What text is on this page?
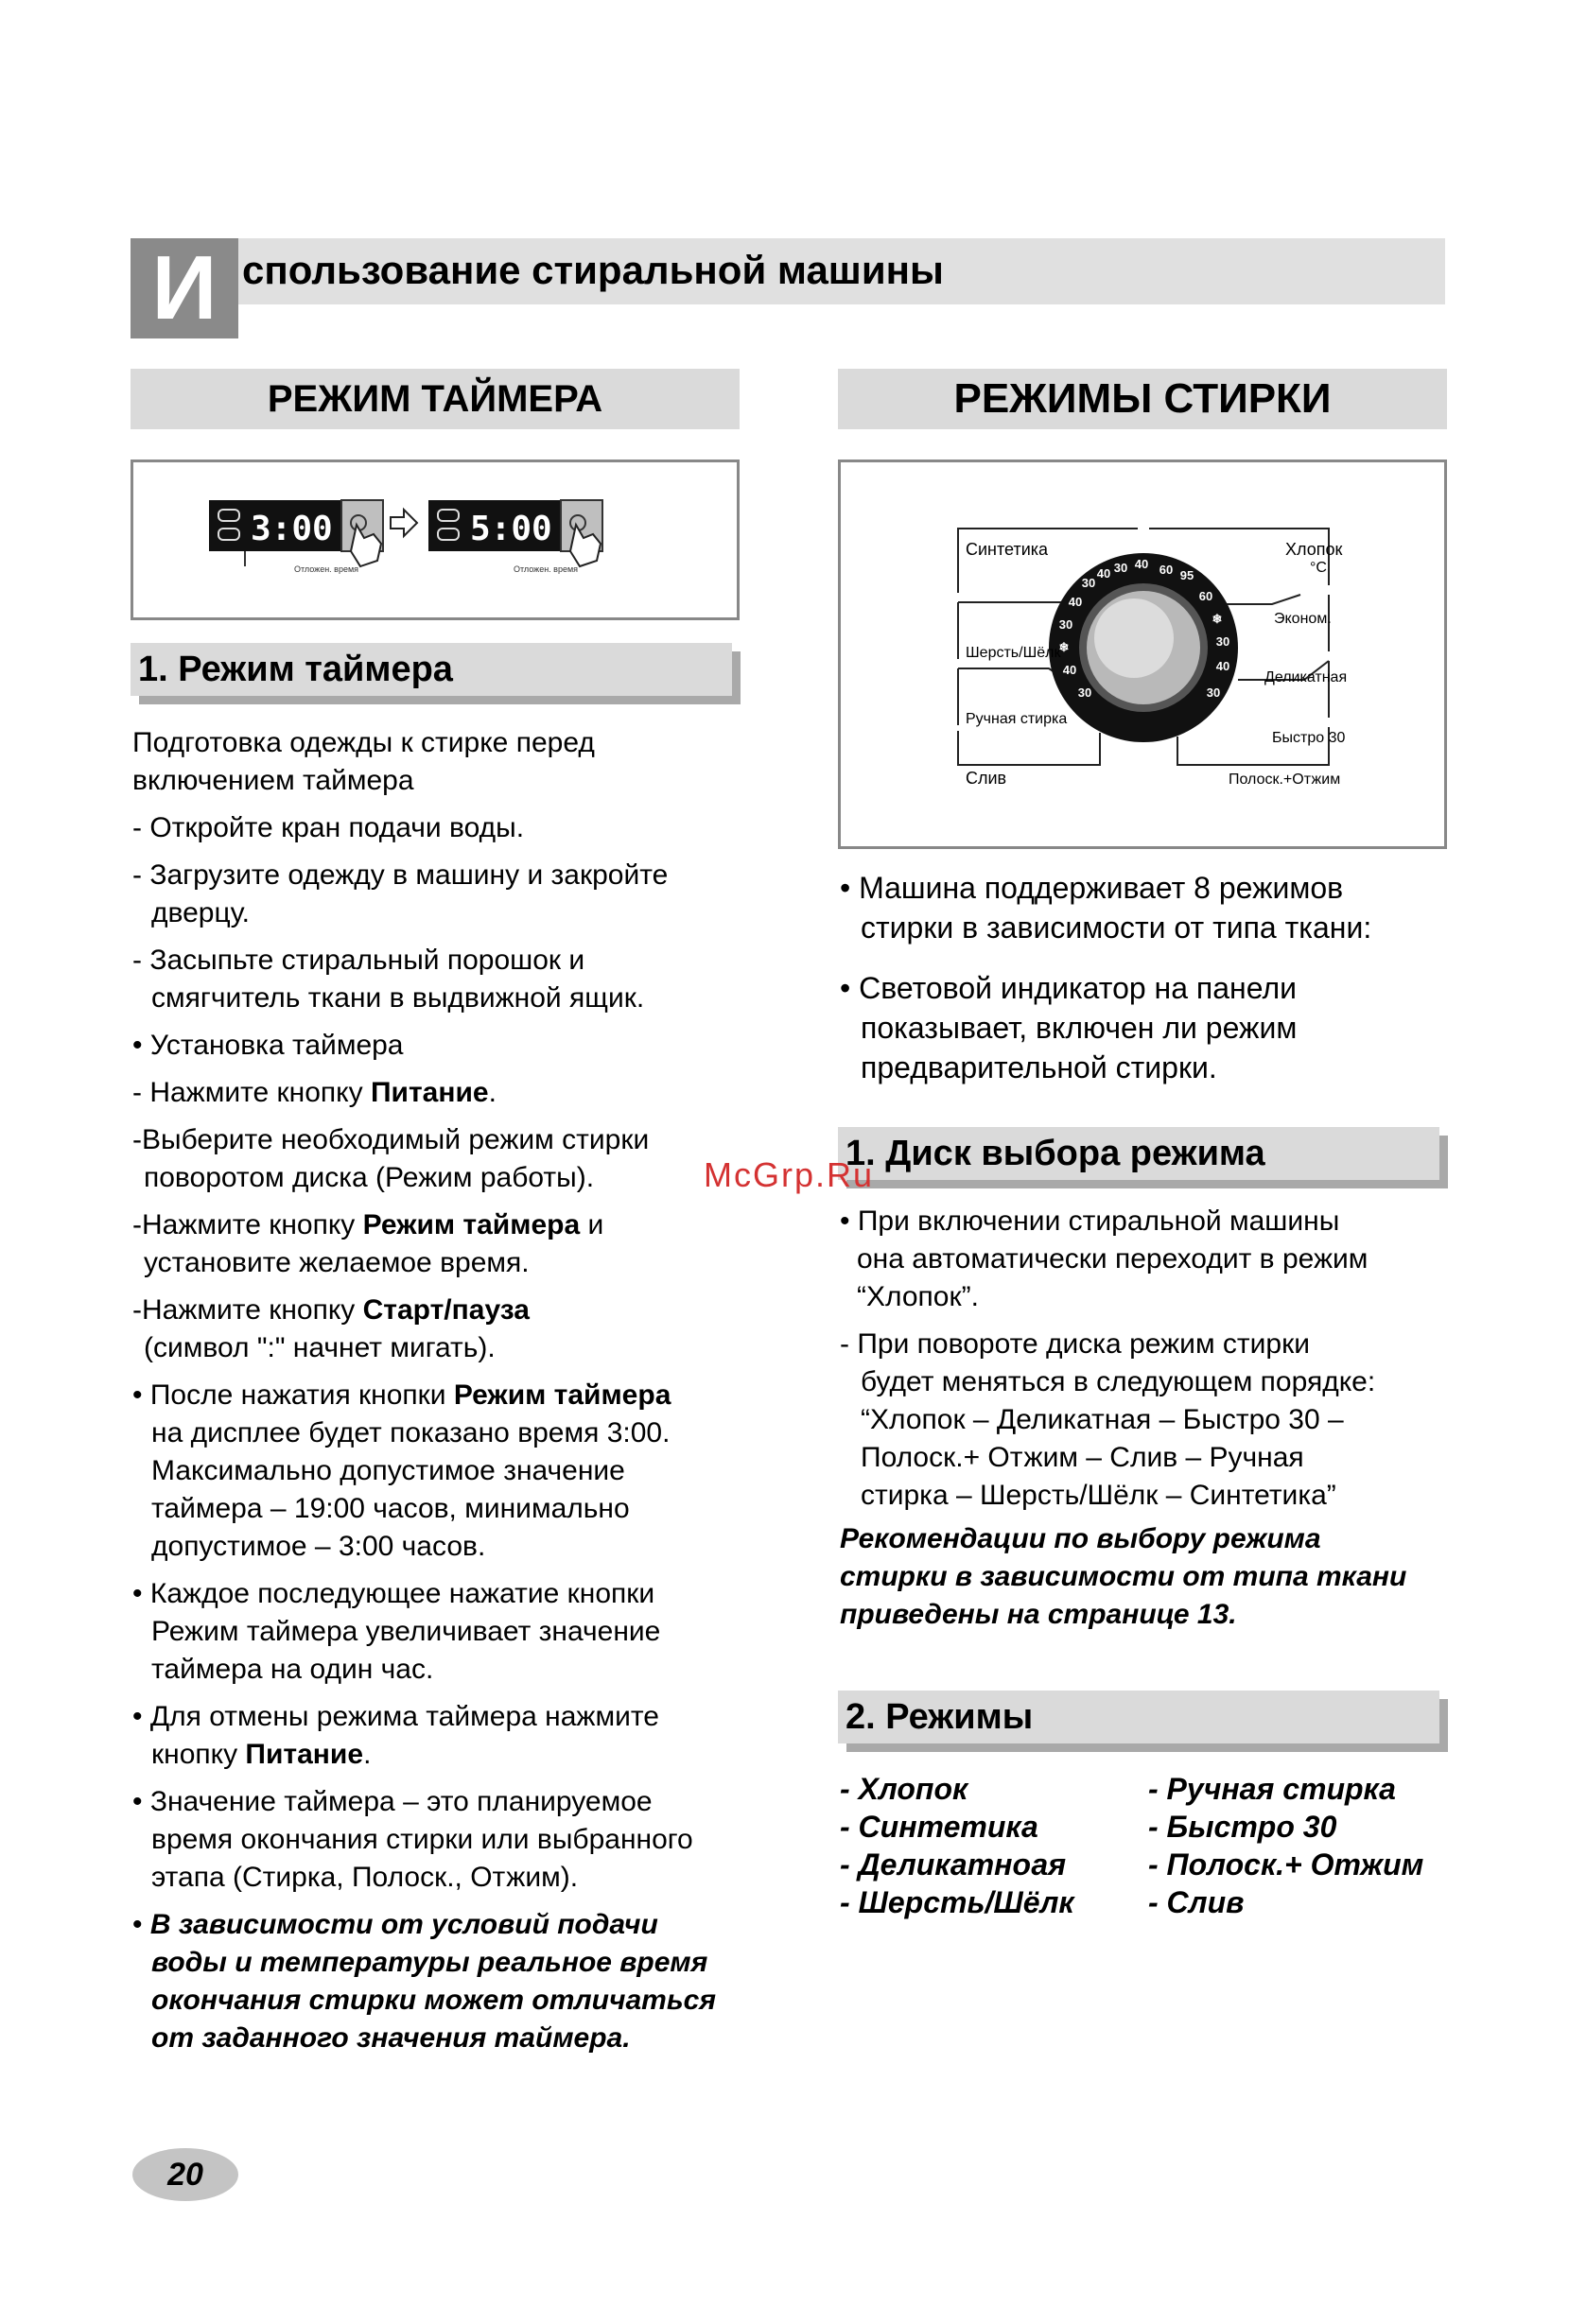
И спользование стиральной машины
РЕЖИМ ТАЙМЕРА
3:00
Отложен. время
5:00
Отложен. время
1. Режим таймера
Подготовка одежды к стирке перед
включением таймера
- Откройте кран подачи воды.
- Загрузите одежду в машину и закройте
дверцу.
- Засыпьте стиральный порошок и
смягчитель ткани в выдвижной ящик.
• Установка таймера
- Нажмите кнопку Питание.
-Выберите необходимый режим стирки
поворотом диска (Режим работы).
-Нажмите кнопку Режим таймера и
установите желаемое время.
-Нажмите кнопку Старт/пауза
(символ ":" начнет мигать).
• После нажатия кнопки Режим таймера
на дисплее будет показано время 3:00.
Максимально допустимое значение
таймера – 19:00 часов, минимально
допустимое – 3:00 часов.
• Каждое последующее нажатие кнопки
Режим таймера увеличивает значение
таймера на один час.
• Для отмены режима таймера нажмите
кнопку Питание.
• Значение таймера – это планируемое
время окончания стирки или выбранного
этапа (Стирка, Полоск., Отжим).
• В зависимости от условий подачи
воды и температуры реальное время
окончания стирки может отличаться
от заданного значения таймера.
РЕЖИМЫ СТИРКИ
Синтетика
Шерсть/Шёлк
Ручная стирка
Слив
Хлопок
°C
Эконом.
Деликатная
Быстро 30
Полоск.+Отжим
30 40 60 95
60
❄
30
40
30
30
40
❄
30
40
30
40
• Машина поддерживает 8 режимов
стирки в зависимости от типа ткани:
• Световой индикатор на панели
показывает, включен ли режим
предварительной стирки.
1. Диск выбора режима
McGrp.Ru
• При включении стиральной машины
она автоматически переходит в режим
“Хлопок”.
- При повороте диска режим стирки
будет меняться в следующем порядке:
“Хлопок – Деликатная – Быстро 30 –
Полоск.+ Отжим – Слив – Ручная
стирка – Шерсть/Шёлк – Синтетика”
Рекомендации по выбору режима
стирки в зависимости от типа ткани
приведены на странице 13.
2. Режимы
- Хлопок
- Синтетика
- Деликатноая
- Шерсть/Шёлк
- Ручная стирка
- Быстро 30
- Полоск.+ Отжим
- Слив
20
